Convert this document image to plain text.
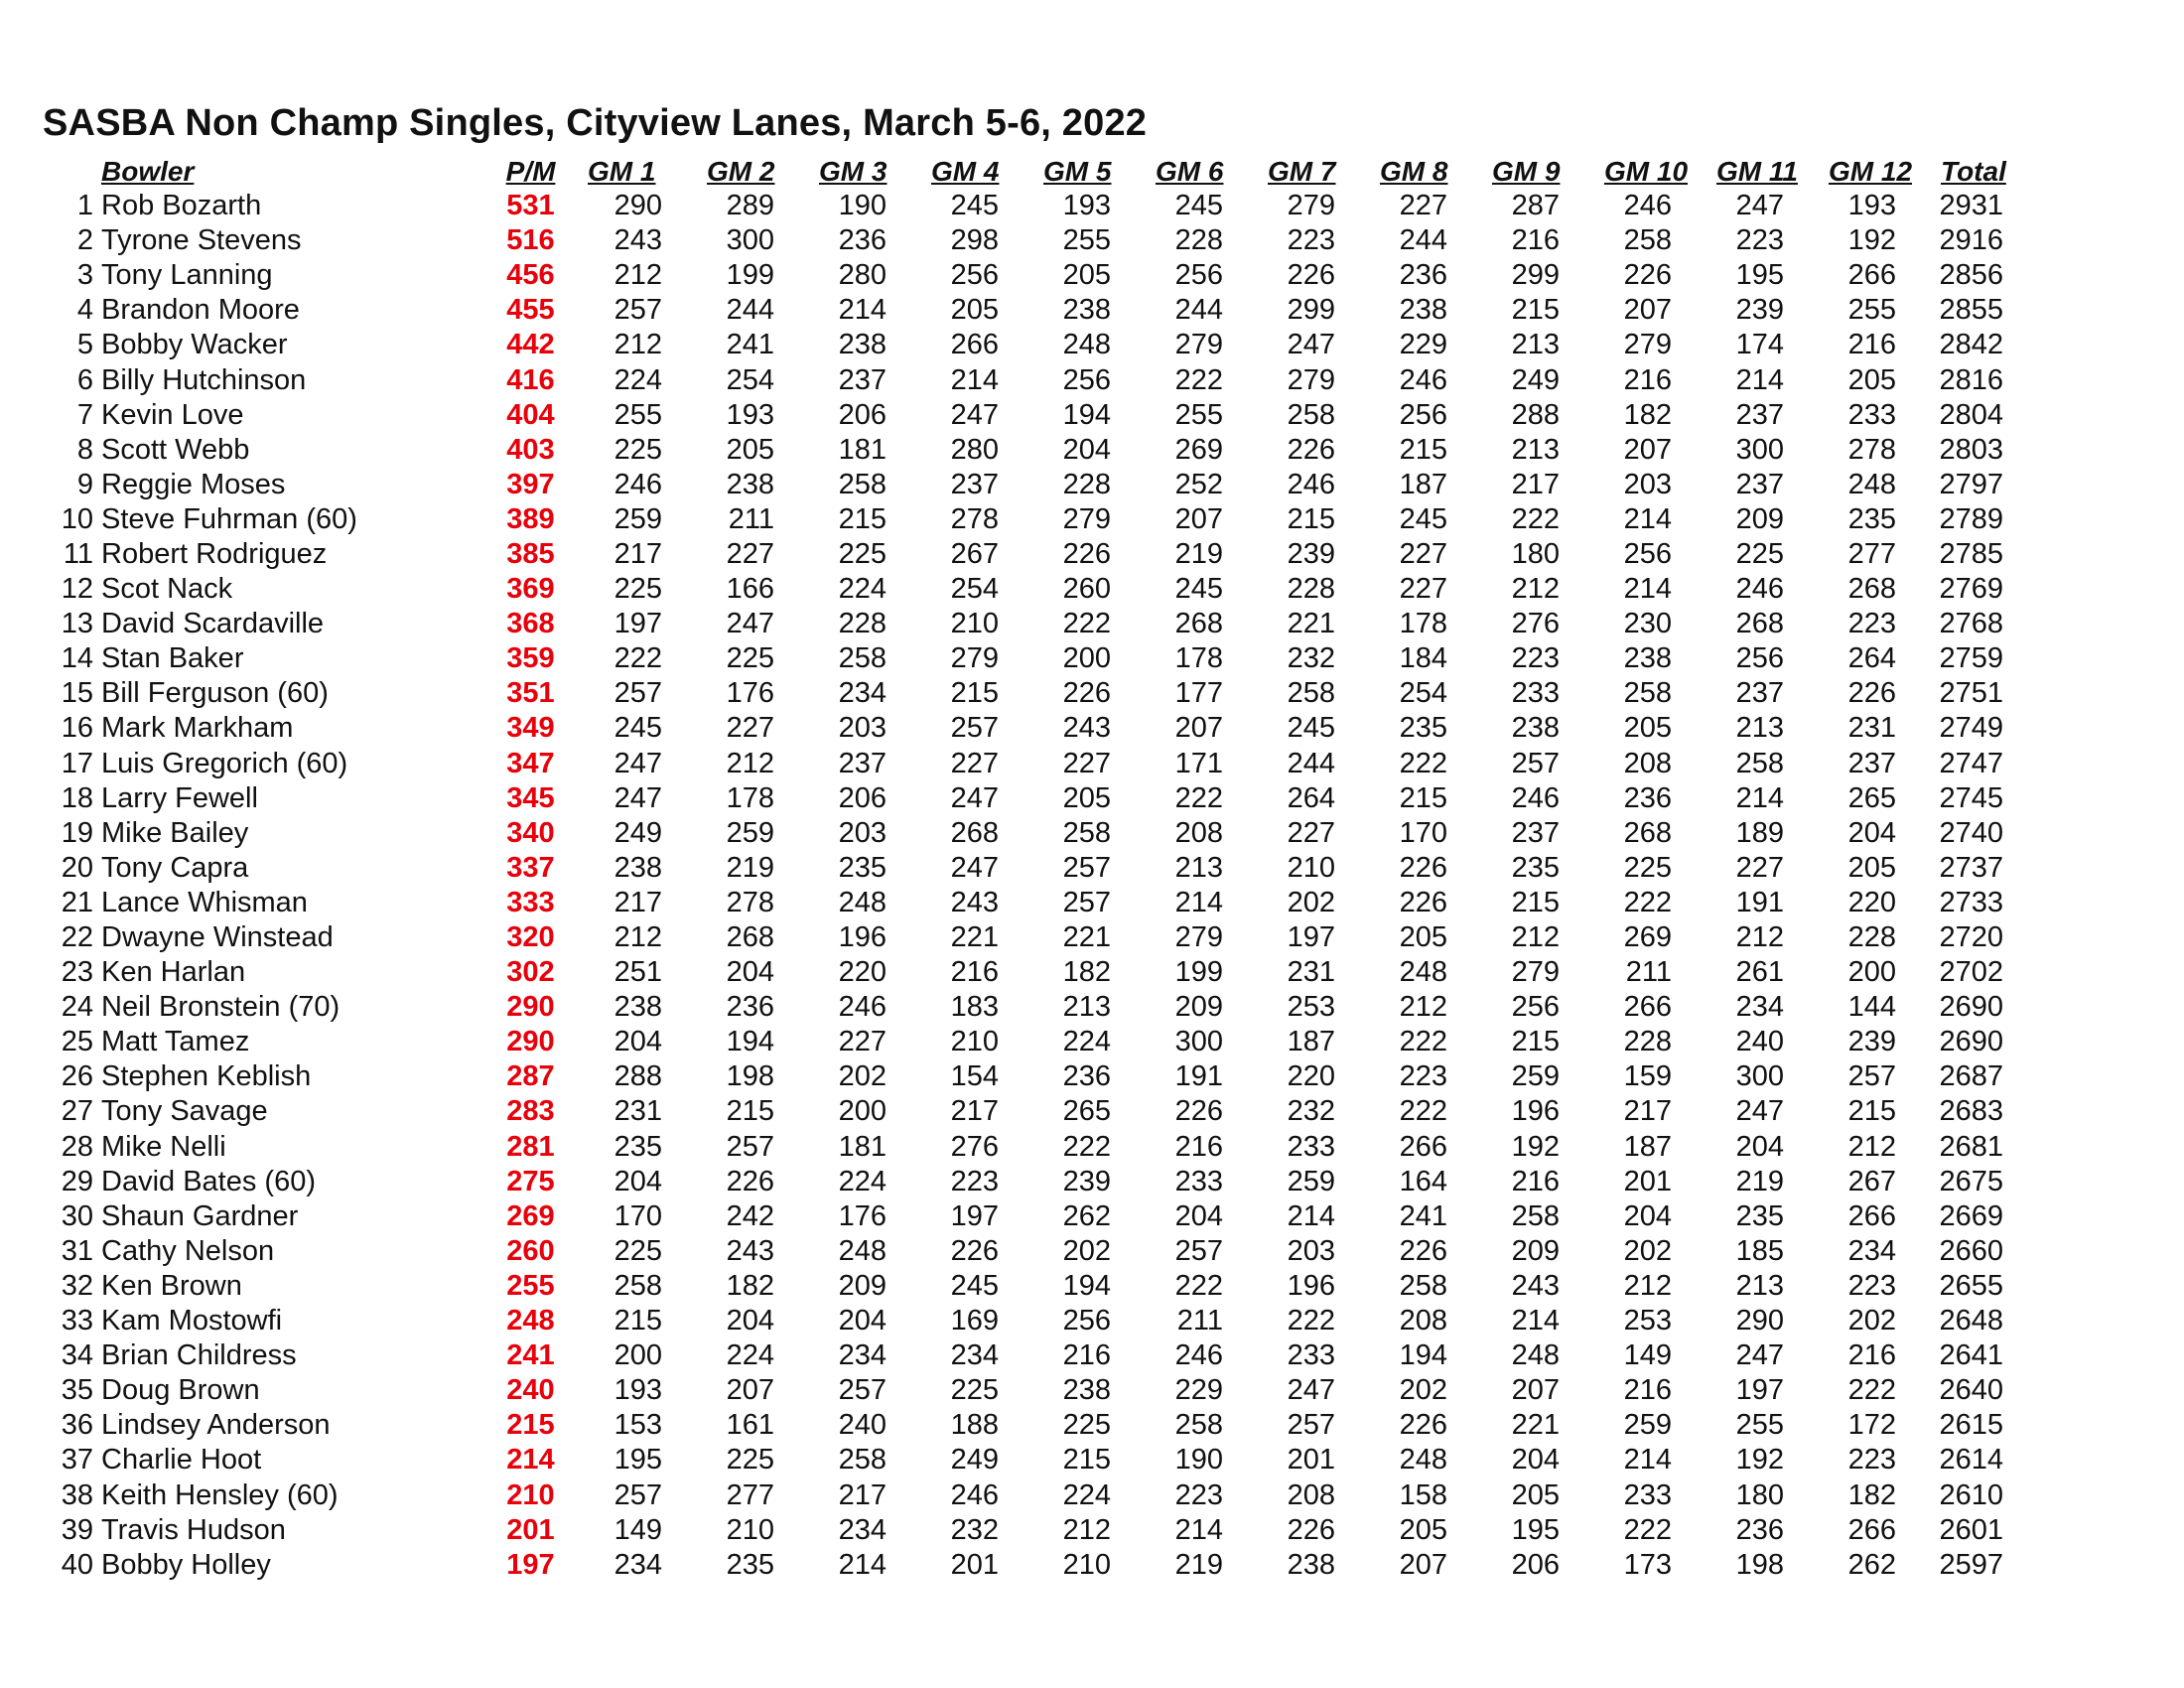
SASBA Non Champ Singles, Cityview Lanes, March 5-6, 2022
	Bowler	P/M	GM 1	GM 2	GM 3	GM 4	GM 5	GM 6	GM 7	GM 8	GM 9	GM 10	GM 11	GM 12	Total
1	Rob Bozarth	531	290	289	190	245	193	245	279	227	287	246	247	193	2931
2	Tyrone Stevens	516	243	300	236	298	255	228	223	244	216	258	223	192	2916
3	Tony Lanning	456	212	199	280	256	205	256	226	236	299	226	195	266	2856
4	Brandon Moore	455	257	244	214	205	238	244	299	238	215	207	239	255	2855
5	Bobby Wacker	442	212	241	238	266	248	279	247	229	213	279	174	216	2842
6	Billy Hutchinson	416	224	254	237	214	256	222	279	246	249	216	214	205	2816
7	Kevin Love	404	255	193	206	247	194	255	258	256	288	182	237	233	2804
8	Scott Webb	403	225	205	181	280	204	269	226	215	213	207	300	278	2803
9	Reggie Moses	397	246	238	258	237	228	252	246	187	217	203	237	248	2797
10	Steve Fuhrman (60)	389	259	211	215	278	279	207	215	245	222	214	209	235	2789
11	Robert Rodriguez	385	217	227	225	267	226	219	239	227	180	256	225	277	2785
12	Scot Nack	369	225	166	224	254	260	245	228	227	212	214	246	268	2769
13	David Scardaville	368	197	247	228	210	222	268	221	178	276	230	268	223	2768
14	Stan Baker	359	222	225	258	279	200	178	232	184	223	238	256	264	2759
15	Bill Ferguson (60)	351	257	176	234	215	226	177	258	254	233	258	237	226	2751
16	Mark Markham	349	245	227	203	257	243	207	245	235	238	205	213	231	2749
17	Luis Gregorich (60)	347	247	212	237	227	227	171	244	222	257	208	258	237	2747
18	Larry Fewell	345	247	178	206	247	205	222	264	215	246	236	214	265	2745
19	Mike Bailey	340	249	259	203	268	258	208	227	170	237	268	189	204	2740
20	Tony Capra	337	238	219	235	247	257	213	210	226	235	225	227	205	2737
21	Lance Whisman	333	217	278	248	243	257	214	202	226	215	222	191	220	2733
22	Dwayne Winstead	320	212	268	196	221	221	279	197	205	212	269	212	228	2720
23	Ken Harlan	302	251	204	220	216	182	199	231	248	279	211	261	200	2702
24	Neil Bronstein (70)	290	238	236	246	183	213	209	253	212	256	266	234	144	2690
25	Matt Tamez	290	204	194	227	210	224	300	187	222	215	228	240	239	2690
26	Stephen Keblish	287	288	198	202	154	236	191	220	223	259	159	300	257	2687
27	Tony Savage	283	231	215	200	217	265	226	232	222	196	217	247	215	2683
28	Mike Nelli	281	235	257	181	276	222	216	233	266	192	187	204	212	2681
29	David Bates (60)	275	204	226	224	223	239	233	259	164	216	201	219	267	2675
30	Shaun Gardner	269	170	242	176	197	262	204	214	241	258	204	235	266	2669
31	Cathy Nelson	260	225	243	248	226	202	257	203	226	209	202	185	234	2660
32	Ken Brown	255	258	182	209	245	194	222	196	258	243	212	213	223	2655
33	Kam Mostowfi	248	215	204	204	169	256	211	222	208	214	253	290	202	2648
34	Brian Childress	241	200	224	234	234	216	246	233	194	248	149	247	216	2641
35	Doug Brown	240	193	207	257	225	238	229	247	202	207	216	197	222	2640
36	Lindsey Anderson	215	153	161	240	188	225	258	257	226	221	259	255	172	2615
37	Charlie Hoot	214	195	225	258	249	215	190	201	248	204	214	192	223	2614
38	Keith Hensley (60)	210	257	277	217	246	224	223	208	158	205	233	180	182	2610
39	Travis Hudson	201	149	210	234	232	212	214	226	205	195	222	236	266	2601
40	Bobby Holley	197	234	235	214	201	210	219	238	207	206	173	198	262	2597
